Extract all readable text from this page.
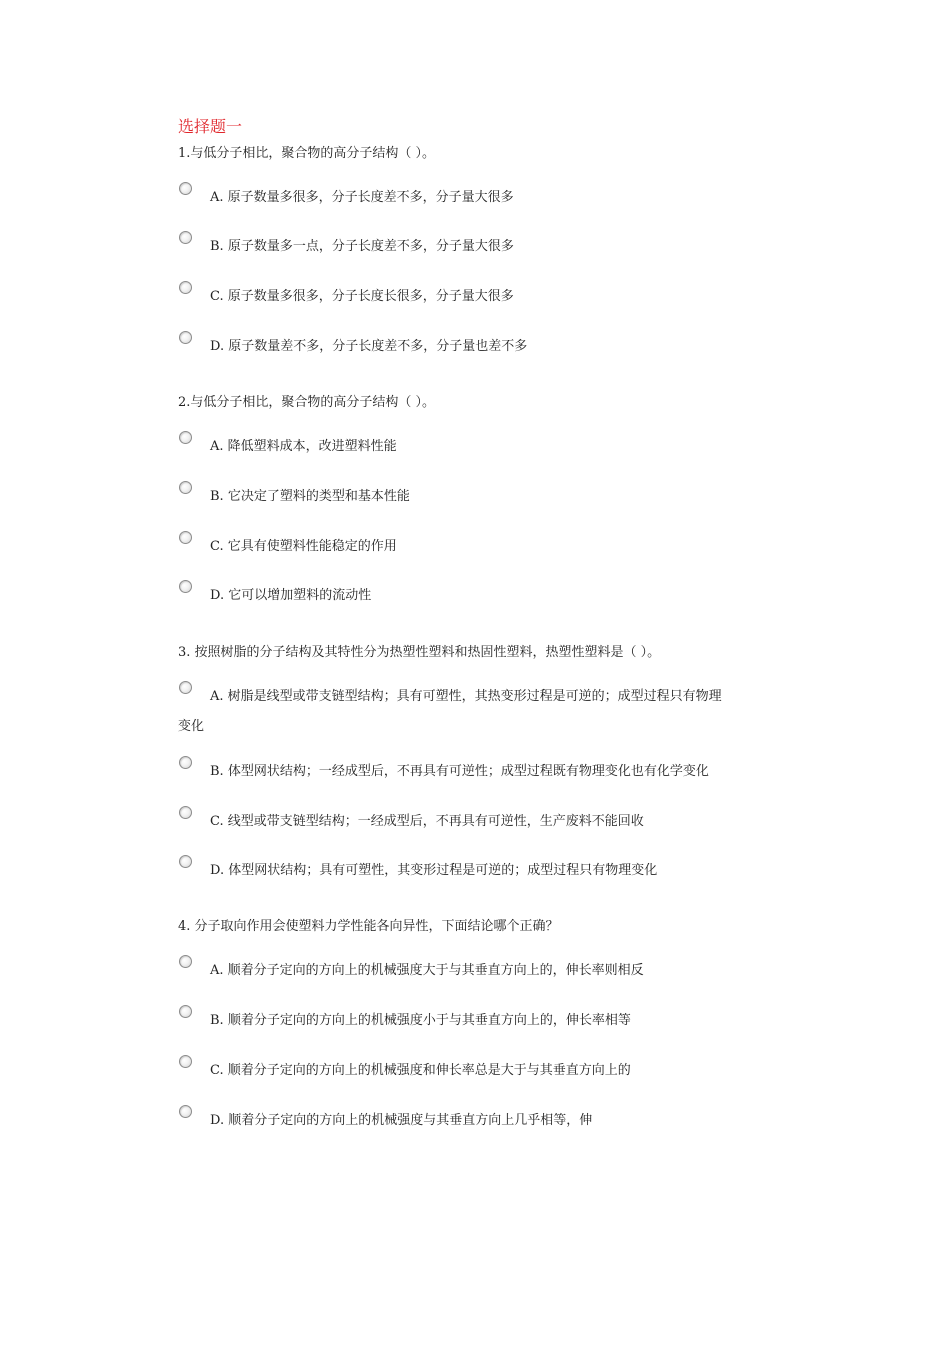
选择题一
1.与低分子相比，聚合物的高分子结构（ ）。
A. 原子数量多很多，分子长度差不多，分子量大很多
B. 原子数量多一点，分子长度差不多，分子量大很多
C. 原子数量多很多，分子长度长很多，分子量大很多
D. 原子数量差不多，分子长度差不多，分子量也差不多
2.与低分子相比，聚合物的高分子结构（ ）。
A. 降低塑料成本，改进塑料性能
B. 它决定了塑料的类型和基本性能
C. 它具有使塑料性能稳定的作用
D. 它可以增加塑料的流动性
3. 按照树脂的分子结构及其特性分为热塑性塑料和热固性塑料，热塑性塑料是（ ）。
A. 树脂是线型或带支链型结构；具有可塑性，其热变形过程是可逆的；成型过程只有物理
变化
B. 体型网状结构；一经成型后，不再具有可逆性；成型过程既有物理变化也有化学变化
C. 线型或带支链型结构；一经成型后，不再具有可逆性，生产废料不能回收
D. 体型网状结构；具有可塑性，其变形过程是可逆的；成型过程只有物理变化
4. 分子取向作用会使塑料力学性能各向异性，下面结论哪个正确？
A. 顺着分子定向的方向上的机械强度大于与其垂直方向上的，伸长率则相反
B. 顺着分子定向的方向上的机械强度小于与其垂直方向上的，伸长率相等
C. 顺着分子定向的方向上的机械强度和伸长率总是大于与其垂直方向上的
D. 顺着分子定向的方向上的机械强度与其垂直方向上几乎相等，伸
